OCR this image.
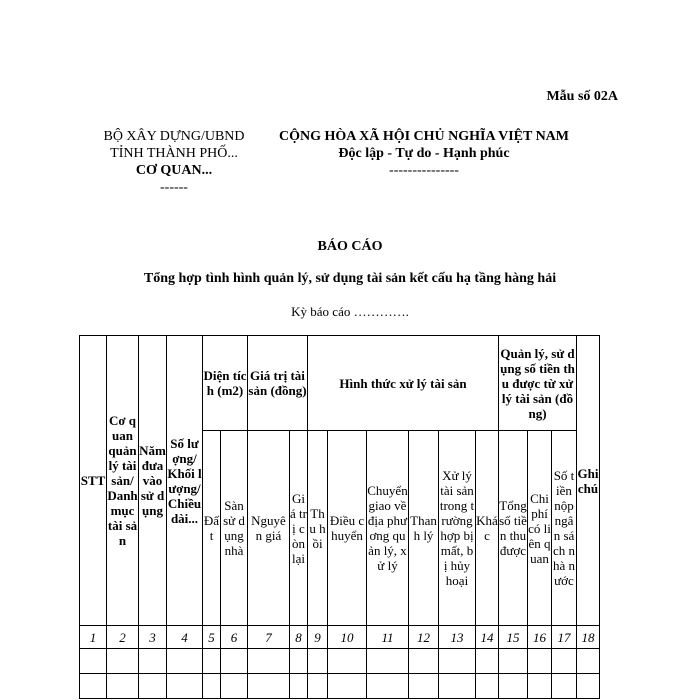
Mẫu số 02A
BỘ XÂY DỰNG/UBND
TỈNH THÀNH PHỐ...
CƠ QUAN...
------
CỘNG HÒA XÃ HỘI CHỦ NGHĨA VIỆT NAM
Độc lập - Tự do - Hạnh phúc
---------------
BÁO CÁO
Tổng hợp tình hình quản lý, sử dụng tài sản kết cấu hạ tầng hàng hải
Kỳ báo cáo ………….
STT	Cơ quan quản lý tài sản/ Danh mục tài sản	Năm đưa vào sử dụng	Số lượng/ Khối lượng/ Chiều dài...	Diện tích (m2)		Giá trị tài sản (đồng)		Hình thức xử lý tài sản						Quản lý, sử dụng số tiền thu được từ xử lý tài sản (đồng)			Ghi chú
				Đất	Sàn sử dụng nhà	Nguyên giá	Giá trị còn lại	Thu hồi	Điều chuyển	Chuyển giao về địa phương quản lý, xử lý	Thanh lý	Xử lý tài sản trong trường hợp bị mất, bị hủy hoại	Khác	Tổng số tiền thu được	Chi phí có liên quan	Số tiền nộp ngân sách nhà nước	
1	2	3	4	5	6	7	8	9	10	11	12	13	14	15	16	17	18
